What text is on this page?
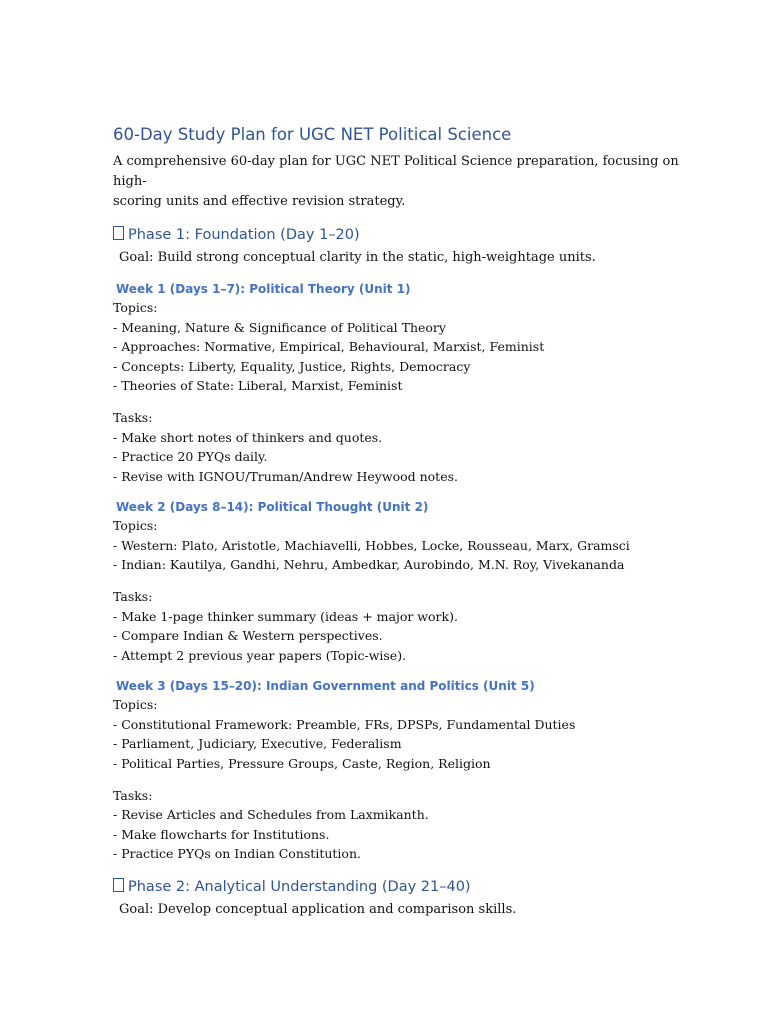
60-Day Study Plan for UGC NET Political Science

A comprehensive 60-day plan for UGC NET Political Science preparation, focusing on high-

scoring units and effective revision strategy.

Phase 1: Foundation (Day 1–20)

Goal: Build strong conceptual clarity in the static, high-weightage units.

Week 1 (Days 1–7): Political Theory (Unit 1)

Topics:

- Meaning, Nature & Significance of Political Theory

- Approaches: Normative, Empirical, Behavioural, Marxist, Feminist

- Concepts: Liberty, Equality, Justice, Rights, Democracy

- Theories of State: Liberal, Marxist, Feminist

Tasks:

- Make short notes of thinkers and quotes.

- Practice 20 PYQs daily.

- Revise with IGNOU/Truman/Andrew Heywood notes.

Week 2 (Days 8–14): Political Thought (Unit 2)

Topics:

- Western: Plato, Aristotle, Machiavelli, Hobbes, Locke, Rousseau, Marx, Gramsci

- Indian: Kautilya, Gandhi, Nehru, Ambedkar, Aurobindo, M.N. Roy, Vivekananda

Tasks:

- Make 1-page thinker summary (ideas + major work).

- Compare Indian & Western perspectives.

- Attempt 2 previous year papers (Topic-wise).

Week 3 (Days 15–20): Indian Government and Politics (Unit 5)

Topics:

- Constitutional Framework: Preamble, FRs, DPSPs, Fundamental Duties

- Parliament, Judiciary, Executive, Federalism

- Political Parties, Pressure Groups, Caste, Region, Religion

Tasks:

- Revise Articles and Schedules from Laxmikanth.

- Make flowcharts for Institutions.

- Practice PYQs on Indian Constitution.

Phase 2: Analytical Understanding (Day 21–40)

Goal: Develop conceptual application and comparison skills.
